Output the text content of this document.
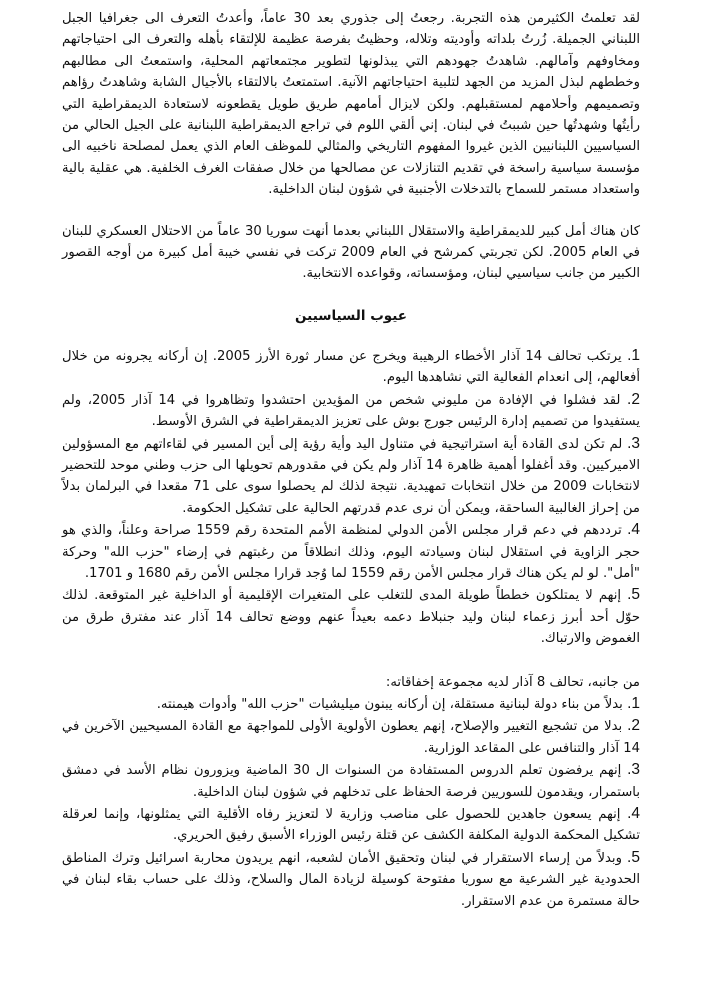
لقد تعلمتُ الكثيرمن هذه التجربة. رجعتُ إلى جذوري بعد 30 عاماً، وأعدتُ التعرف الى جغرافيا الجبل اللبناني الجميلة. زُرتُ بلداته وأوديته وتلاله، وحظيتُ بفرصة عظيمة للإلتقاء بأهله والتعرف الى احتياجاتهم ومخاوفهم وآمالهم. شاهدتُ جهودهم التي يبذلونها لتطوير مجتمعاتهم المحلية، واستمعتُ الى مطالبهم وخططهم لبذل المزيد من الجهد لتلبية احتياجاتهم الآنية. استمتعتُ بالالتقاء بالأجيال الشابة وشاهدتُ رؤاهم وتصميمهم وأحلامهم لمستقبلهم. ولكن لايزال أمامهم طريق طويل يقطعونه لاستعادة الديمقراطية التي رأيتُها وشهدتُها حين شببتُ في لبنان. إني ألقي اللوم في تراجع الديمقراطية اللبنانية على الجيل الحالي من السياسيين اللبنانيين الذين غيروا المفهوم التاريخي والمثالي للموظف العام الذي يعمل لمصلحة ناخبيه الى مؤسسة سياسية راسخة في تقديم التنازلات عن مصالحها من خلال صفقات الغرف الخلفية. هي عقلية بالية واستعداد مستمر للسماح بالتدخلات الأجنبية في شؤون لبنان الداخلية.

كان هناك أمل كبير للديمقراطية والاستقلال اللبناني بعدما أنهت سوريا 30 عاماً من الاحتلال العسكري للبنان في العام 2005. لكن تجربتي كمرشح في العام 2009 تركت في نفسي خيبة أمل كبيرة من أوجه القصور الكبير من جانب سياسيي لبنان، ومؤسساته، وقواعده الانتخابية.

عيوب السياسيين
1. يرتكب تحالف 14 آذار الأخطاء الرهيبة ويخرج عن مسار ثورة الأرز 2005. إن أركانه يجرونه من خلال أفعالهم، إلى انعدام الفعالية التي نشاهدها اليوم.
2. لقد فشلوا في الإفادة من مليوني شخص من المؤيدين احتشدوا وتظاهروا في 14 آذار 2005، ولم يستفيدوا من تصميم إدارة الرئيس جورج بوش على تعزيز الديمقراطية في الشرق الأوسط.
3. لم تكن لدى القادة أية استراتيجية في متناول اليد وأية رؤية إلى أين المسير في لقاءاتهم مع المسؤولين الاميركيين. وقد أغفلوا أهمية ظاهرة 14 آذار ولم يكن في مقدورهم تحويلها الى حزب وطني موحد للتحضير لانتخابات 2009 من خلال انتخابات تمهيدية. نتيجة لذلك لم يحصلوا سوى على 71 مقعدا في البرلمان بدلاً من إحراز الغالبية الساحقة، ويمكن أن نرى عدم قدرتهم الحالية على تشكيل الحكومة.
4. ترددهم في دعم قرار مجلس الأمن الدولي لمنظمة الأمم المتحدة رقم 1559 صراحة وعلناً، والذي هو حجر الزاوية في استقلال لبنان وسيادته اليوم، وذلك انطلاقاً من رغبتهم في إرضاء "حزب الله" وحركة "أمل". لو لم يكن هناك قرار مجلس الأمن رقم 1559 لما وُجد قرارا مجلس الأمن رقم 1680 و 1701.
5. إنهم لا يمتلكون خططاً طويلة المدى للتغلب على المتغيرات الإقليمية أو الداخلية غير المتوقعة. لذلك حوّل أحد أبرز زعماء لبنان وليد جنبلاط دعمه بعيداً عنهم ووضع تحالف 14 آذار عند مفترق طرق من الغموض والارتباك.

من جانبه، تحالف 8 آذار لديه مجموعة إخفاقاته:

1. بدلاً من بناء دولة لبنانية مستقلة، إن أركانه يبنون ميليشيات "حزب الله" وأدوات هيمنته.
2. بدلا من تشجيع التغيير والإصلاح، إنهم يعطون الأولوية الأولى للمواجهة مع القادة المسيحيين الآخرين في 14 آذار والتنافس على المقاعد الوزارية.
3. إنهم يرفضون تعلم الدروس المستفادة من السنوات ال 30 الماضية ويزورون نظام الأسد في دمشق باستمرار، ويقدمون للسوريين فرصة الحفاظ على تدخلهم في شؤون لبنان الداخلية.
4. إنهم يسعون جاهدين للحصول على مناصب وزارية لا لتعزيز رفاه الأقلية التي يمثلونها، وإنما لعرقلة تشكيل المحكمة الدولية المكلفة الكشف عن قتلة رئيس الوزراء الأسبق رفيق الحريري.
5. وبدلاً من إرساء الاستقرار في لبنان وتحقيق الأمان لشعبه، انهم يريدون محاربة اسرائيل وترك المناطق الحدودية غير الشرعية مع سوريا مفتوحة كوسيلة لزيادة المال والسلاح، وذلك على حساب بقاء لبنان في حالة مستمرة من عدم الاستقرار.
